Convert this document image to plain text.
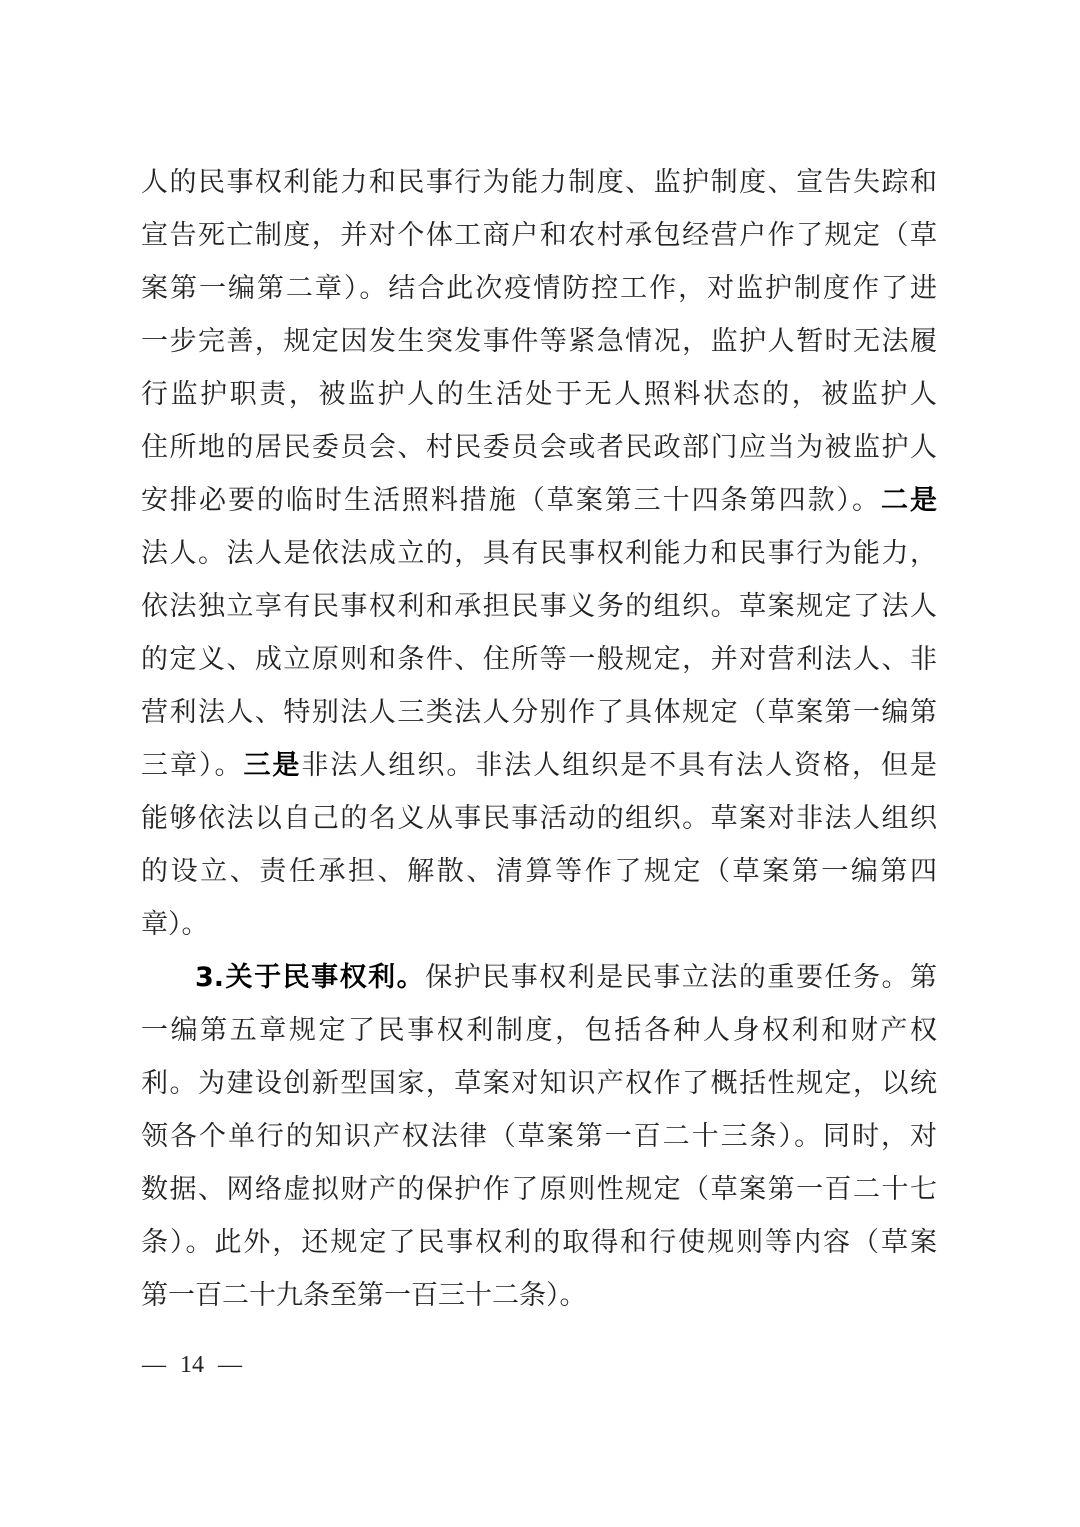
人的民事权利能力和民事行为能力制度、监护制度、宣告失踪和
宣告死亡制度，并对个体工商户和农村承包经营户作了规定（草
案第一编第二章）。结合此次疫情防控工作，对监护制度作了进
一步完善，规定因发生突发事件等紧急情况，监护人暂时无法履
行监护职责，被监护人的生活处于无人照料状态的，被监护人
住所地的居民委员会、村民委员会或者民政部门应当为被监护人
安排必要的临时生活照料措施（草案第三十四条第四款）。二是
法人。法人是依法成立的，具有民事权利能力和民事行为能力，
依法独立享有民事权利和承担民事义务的组织。草案规定了法人
的定义、成立原则和条件、住所等一般规定，并对营利法人、非
营利法人、特别法人三类法人分别作了具体规定（草案第一编第
三章）。三是非法人组织。非法人组织是不具有法人资格，但是
能够依法以自己的名义从事民事活动的组织。草案对非法人组织
的设立、责任承担、解散、清算等作了规定（草案第一编第四
章）。
3.关于民事权利。保护民事权利是民事立法的重要任务。第
一编第五章规定了民事权利制度，包括各种人身权利和财产权
利。为建设创新型国家，草案对知识产权作了概括性规定，以统
领各个单行的知识产权法律（草案第一百二十三条）。同时，对
数据、网络虚拟财产的保护作了原则性规定（草案第一百二十七
条）。此外，还规定了民事权利的取得和行使规则等内容（草案
第一百二十九条至第一百三十二条）。
— 14 —
